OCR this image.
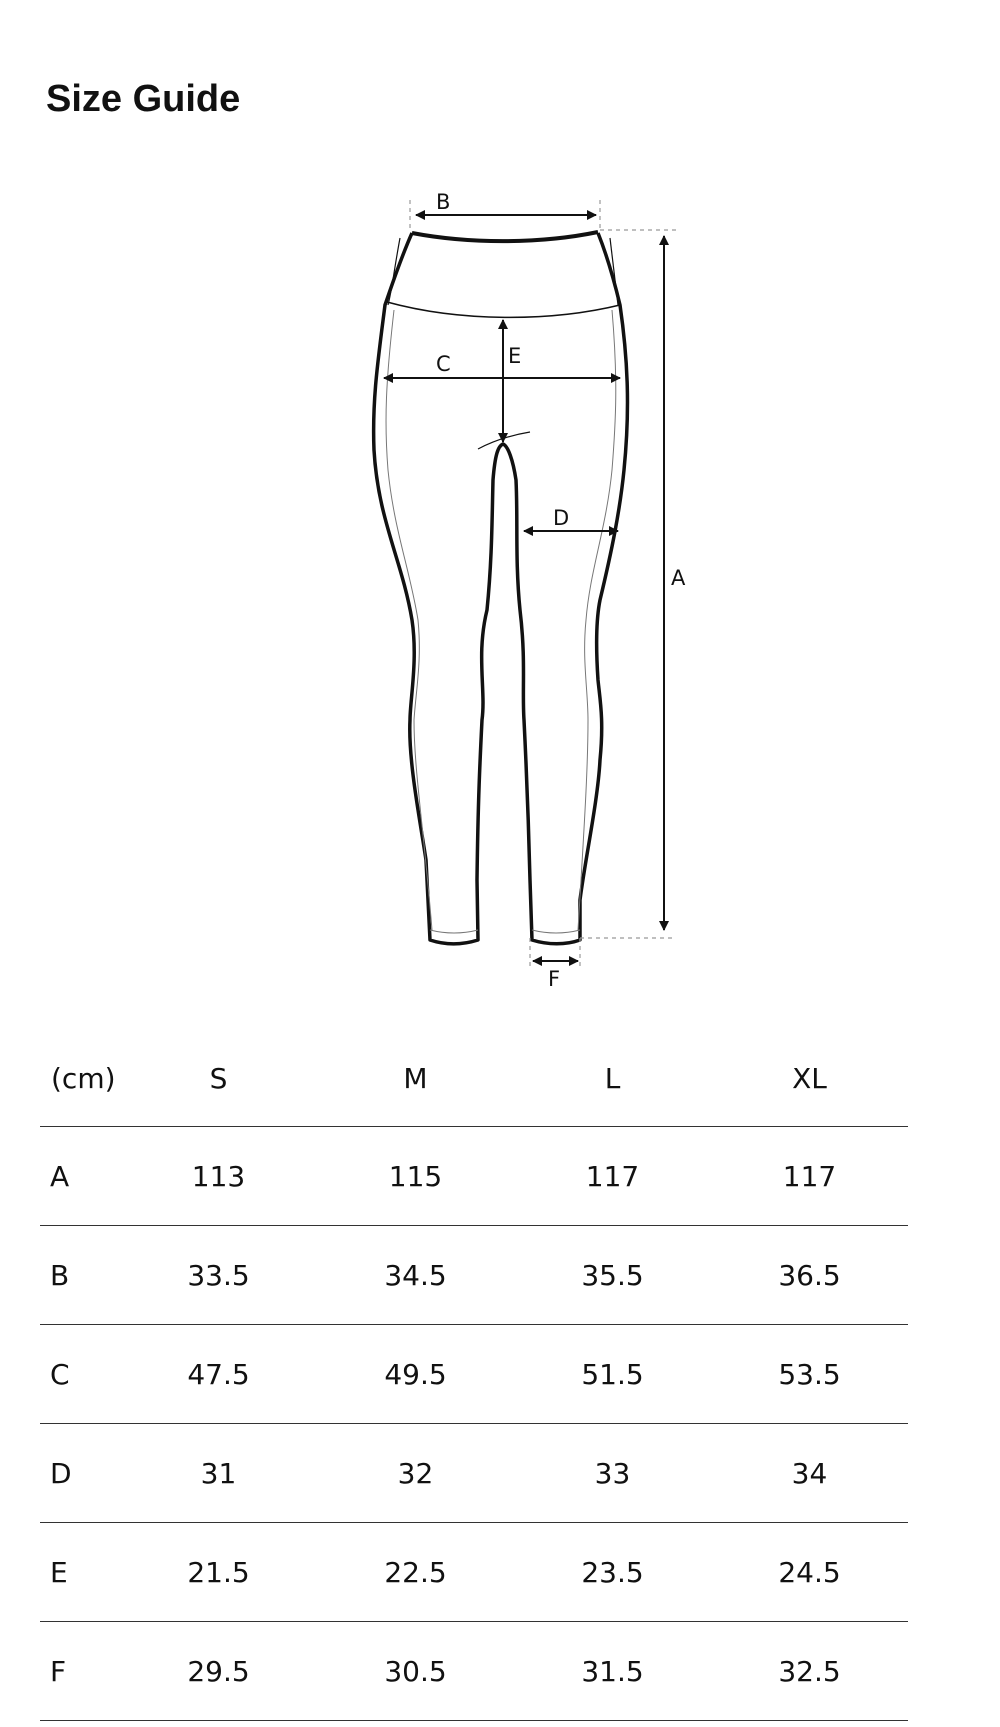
Size Guide
A
B
C
D
E
F
(cm)	S	M	L	XL
A	113	115	117	117
B	33.5	34.5	35.5	36.5
C	47.5	49.5	51.5	53.5
D	31	32	33	34
E	21.5	22.5	23.5	24.5
F	29.5	30.5	31.5	32.5
